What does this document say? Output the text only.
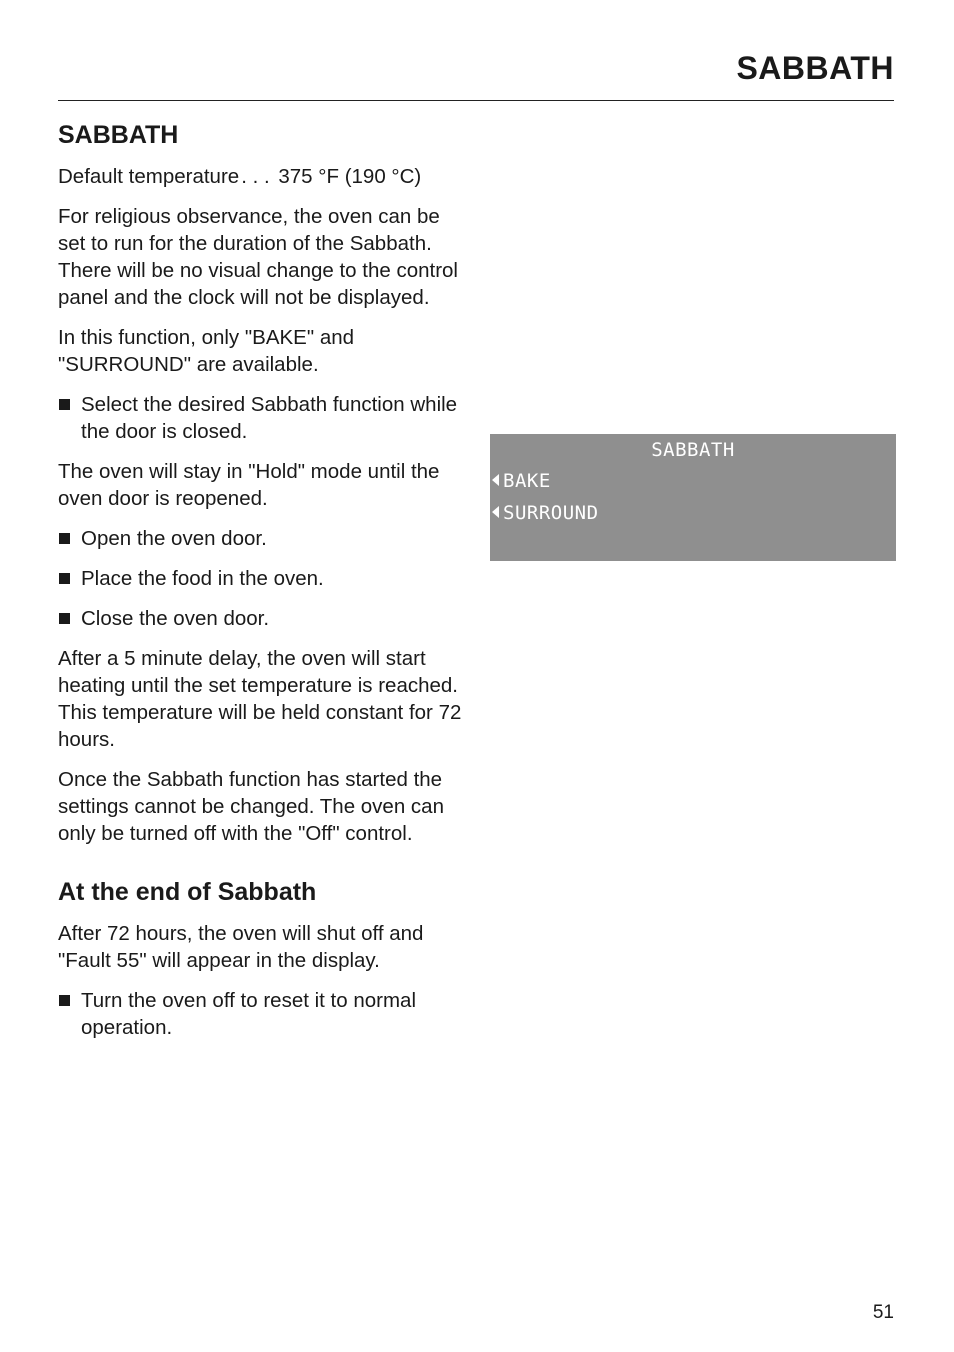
SABBATH
SABBATH

Default temperature. . . 375 °F (190 °C)

For religious observance, the oven can be set to run for the duration of the Sabbath. There will be no visual change to the control panel and the clock will not be displayed.

In this function, only "BAKE" and "SURROUND" are available.

Select the desired Sabbath function while the door is closed.

The oven will stay in "Hold" mode until the oven door is reopened.

Open the oven door.
Place the food in the oven.
Close the oven door.

After a 5 minute delay, the oven will start heating until the set temperature is reached. This temperature will be held constant for 72 hours.

Once the Sabbath function has started the settings cannot be changed. The oven can only be turned off with the "Off" control.

At the end of Sabbath

After 72 hours, the oven will shut off and "Fault 55" will appear in the display.

Turn the oven off to reset it to normal operation.
SABBATH
BAKE
SURROUND
51
